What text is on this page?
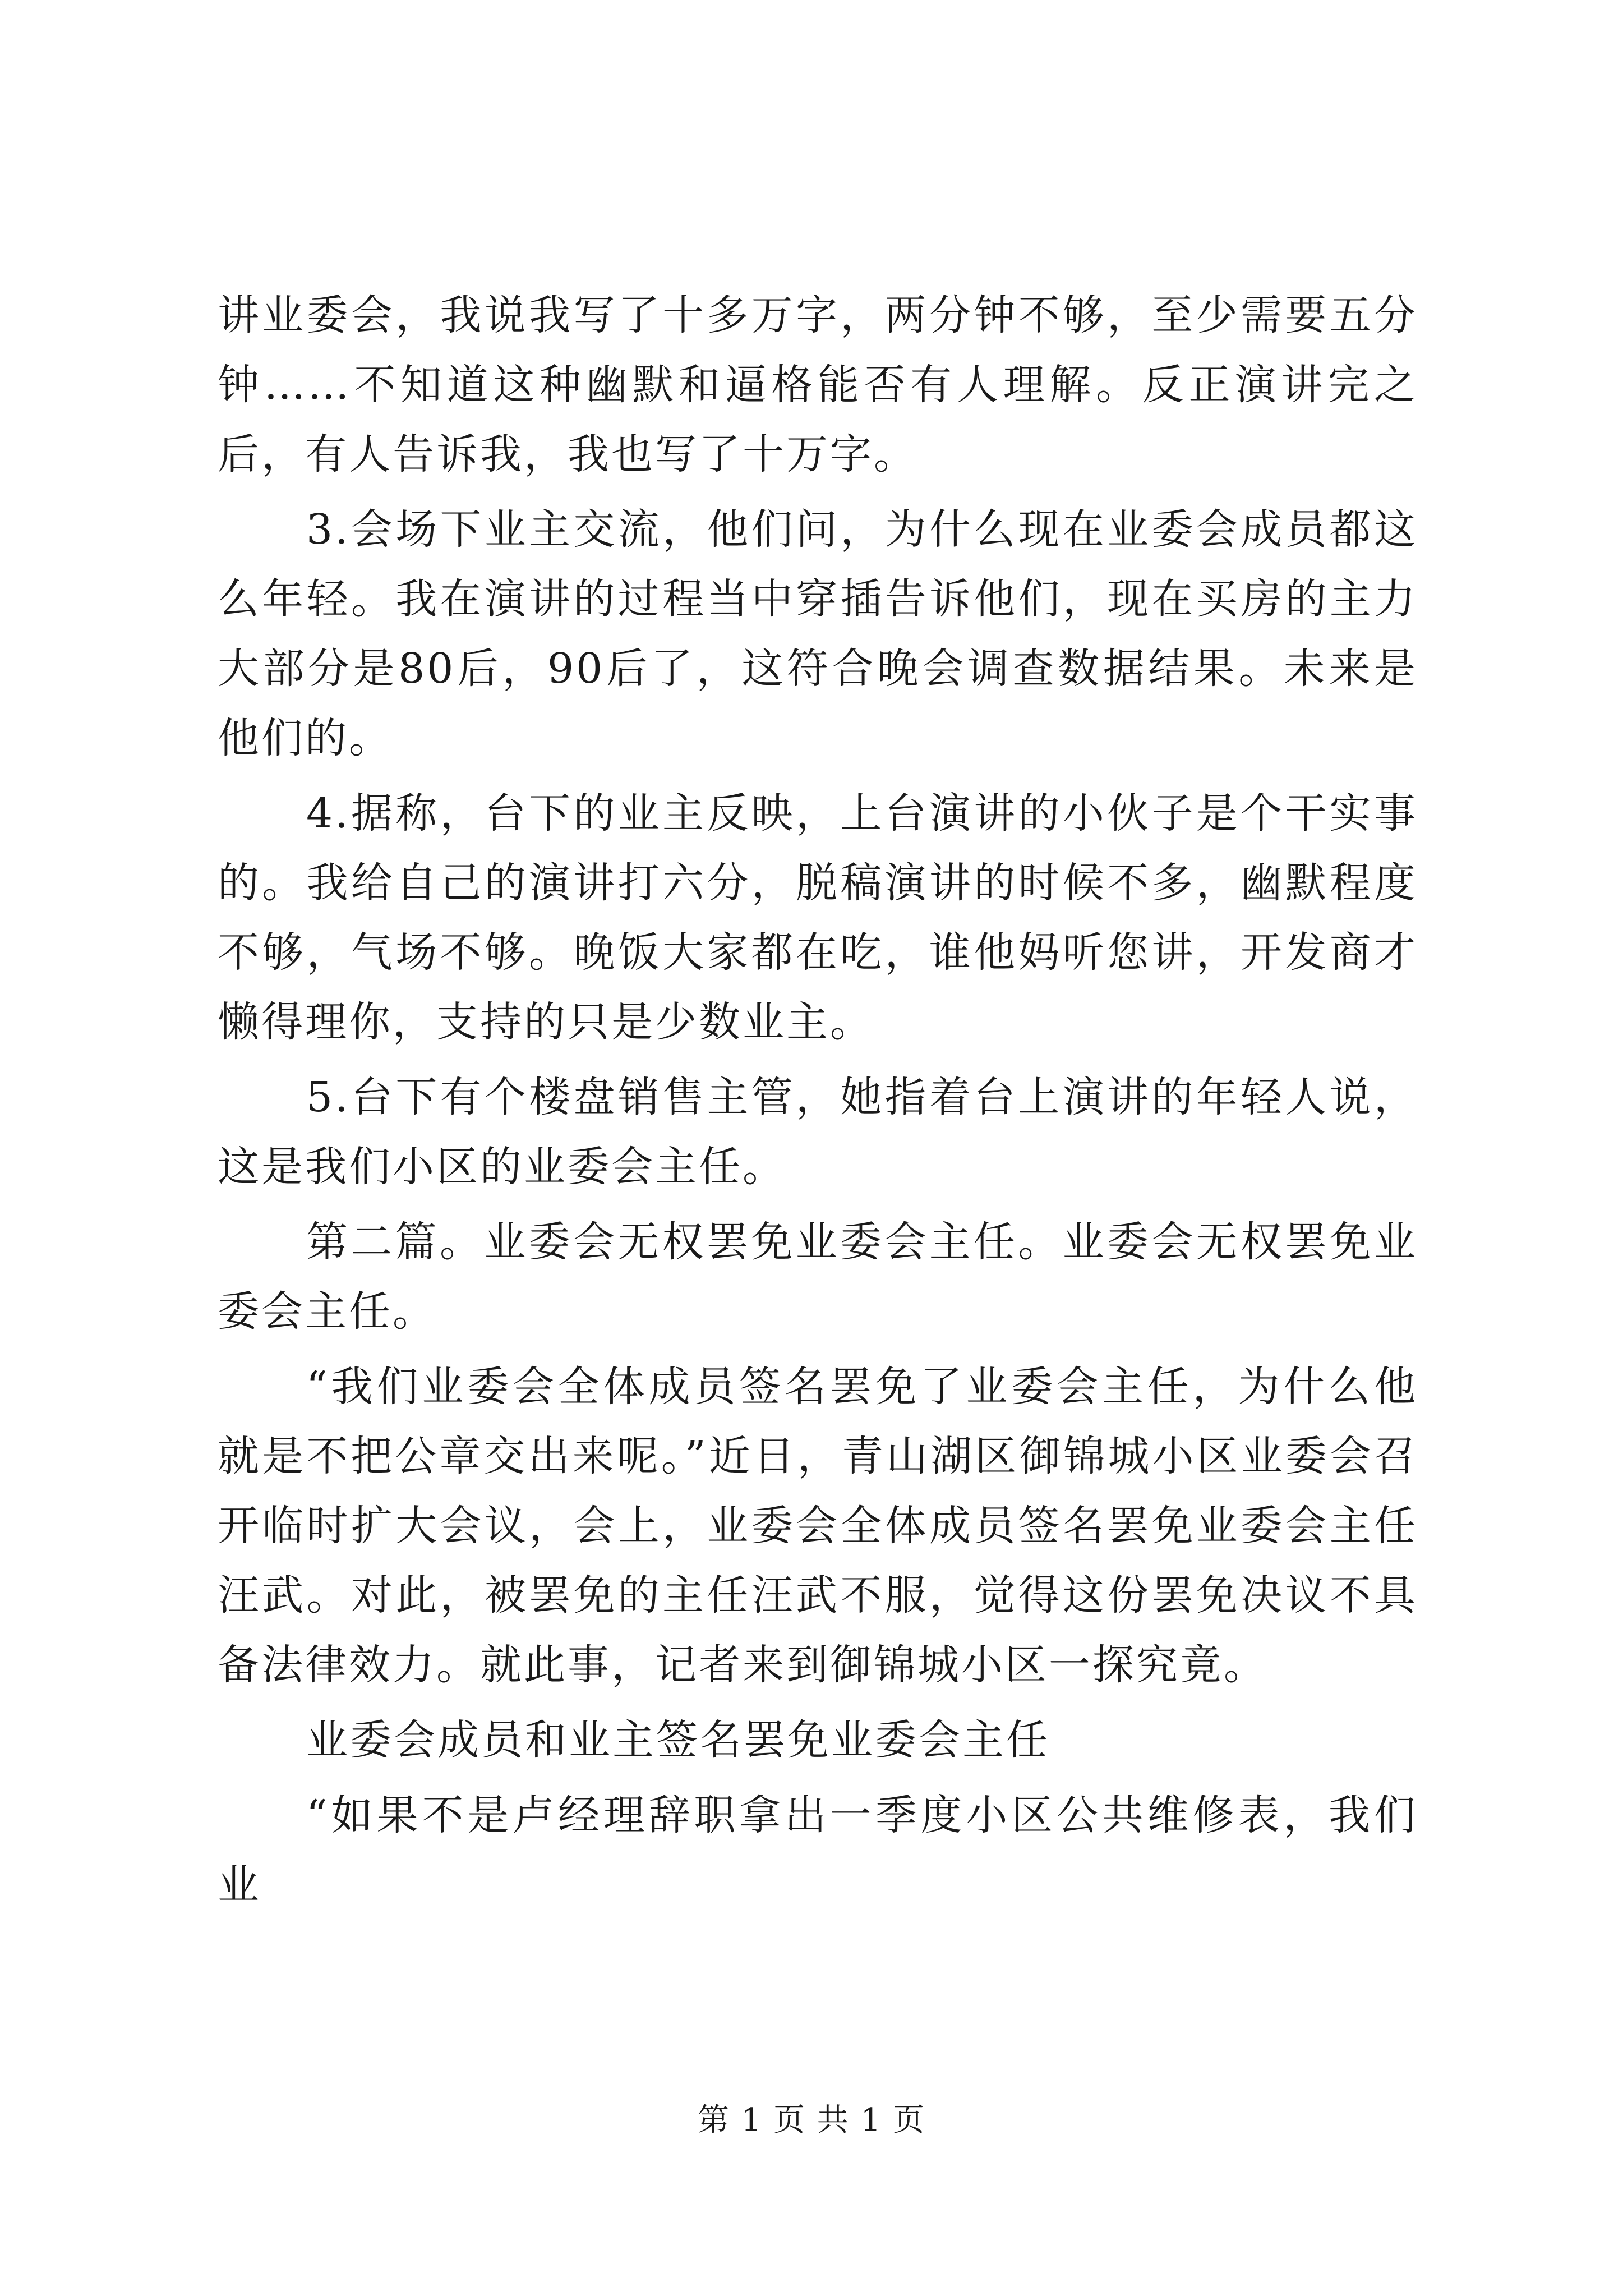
讲业委会，我说我写了十多万字，两分钟不够，至少需要五分钟……不知道这种幽默和逼格能否有人理解。反正演讲完之后，有人告诉我，我也写了十万字。

3.会场下业主交流，他们问，为什么现在业委会成员都这么年轻。我在演讲的过程当中穿插告诉他们，现在买房的主力大部分是80后，90后了，这符合晚会调查数据结果。未来是他们的。

4.据称，台下的业主反映，上台演讲的小伙子是个干实事的。我给自己的演讲打六分，脱稿演讲的时候不多，幽默程度不够，气场不够。晚饭大家都在吃，谁他妈听您讲，开发商才懒得理你，支持的只是少数业主。

5.台下有个楼盘销售主管，她指着台上演讲的年轻人说，这是我们小区的业委会主任。

第二篇。业委会无权罢免业委会主任。业委会无权罢免业委会主任。

“我们业委会全体成员签名罢免了业委会主任，为什么他就是不把公章交出来呢。”近日，青山湖区御锦城小区业委会召开临时扩大会议，会上，业委会全体成员签名罢免业委会主任汪武。对此，被罢免的主任汪武不服，觉得这份罢免决议不具备法律效力。就此事，记者来到御锦城小区一探究竟。

业委会成员和业主签名罢免业委会主任

“如果不是卢经理辞职拿出一季度小区公共维修表，我们业

第 1 页 共 1 页
